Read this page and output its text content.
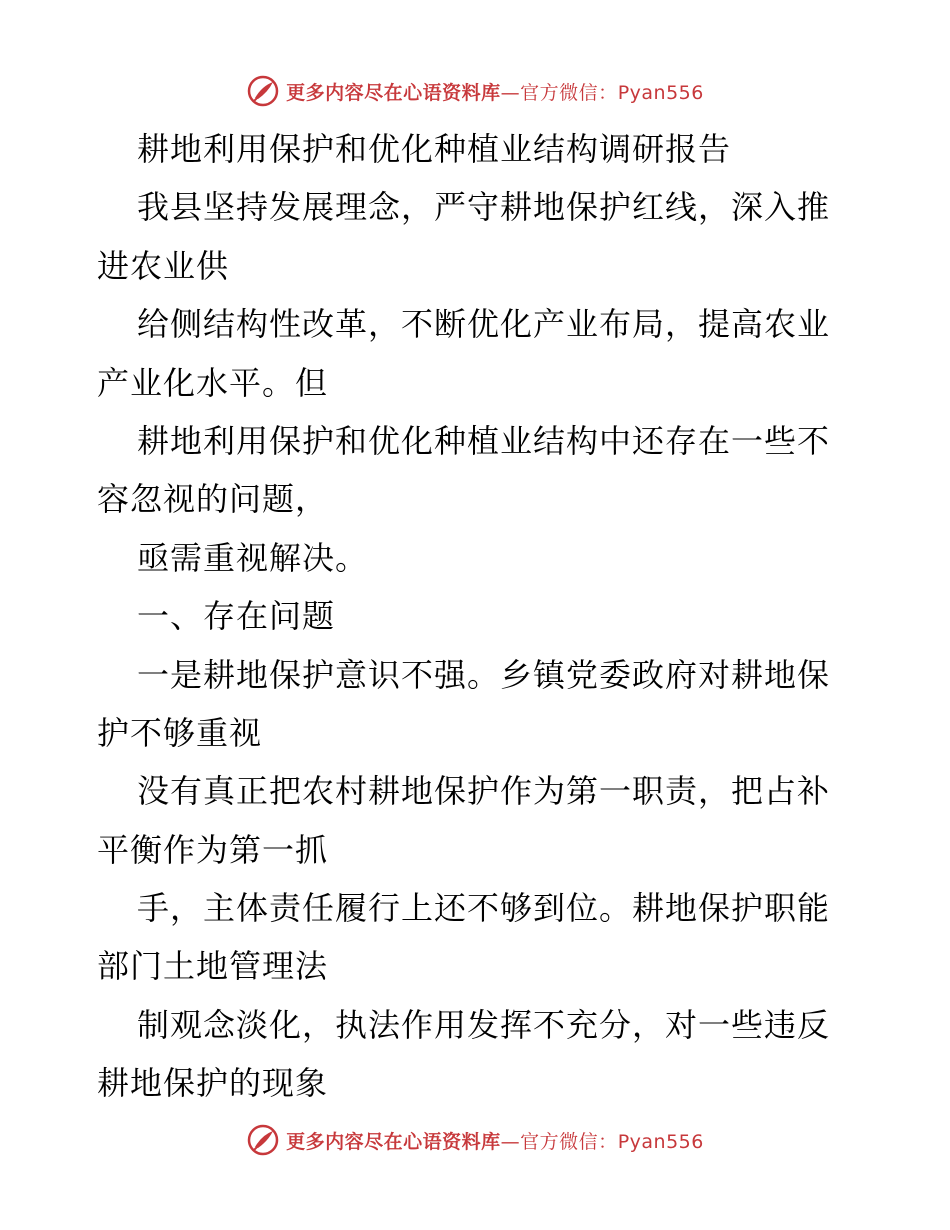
更多内容尽在心语资料库—官方微信：Pyan556
耕地利用保护和优化种植业结构调研报告
我县坚持发展理念，严守耕地保护红线，深入推
进农业供
给侧结构性改革，不断优化产业布局，提高农业
产业化水平。但
耕地利用保护和优化种植业结构中还存在一些不
容忽视的问题，
亟需重视解决。
一、存在问题
一是耕地保护意识不强。乡镇党委政府对耕地保
护不够重视
没有真正把农村耕地保护作为第一职责，把占补
平衡作为第一抓
手，主体责任履行上还不够到位。耕地保护职能
部门土地管理法
制观念淡化，执法作用发挥不充分，对一些违反
耕地保护的现象
更多内容尽在心语资料库—官方微信：Pyan556
